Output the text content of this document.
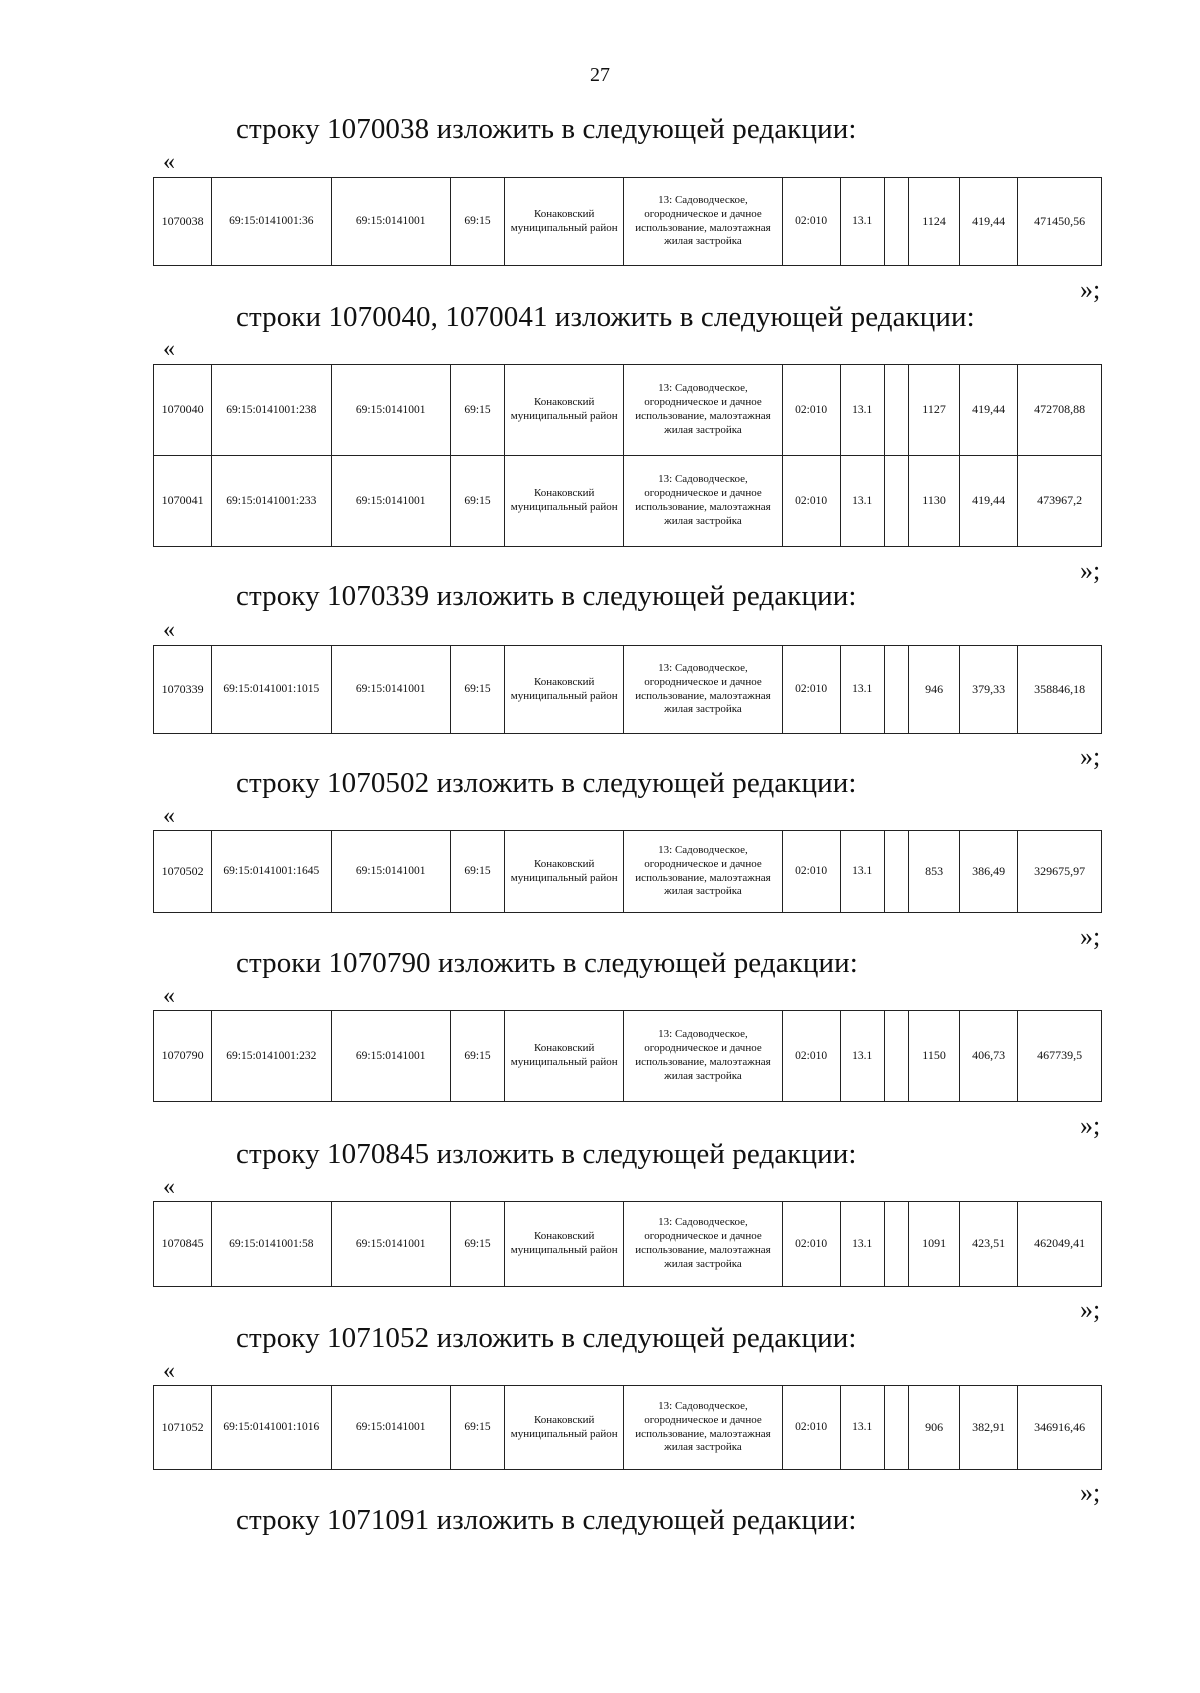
27
строку 1070038 изложить в следующей редакции:
«
1070038	69:15:0141001:36	69:15:0141001	69:15	Конаковский муниципальный район	13: Садоводческое, огородническое и дачное использование, малоэтажная жилая застройка	02:010	13.1		1124	419,44	471450,56
»;
строки 1070040, 1070041 изложить в следующей редакции:
«
1070040	69:15:0141001:238	69:15:0141001	69:15	Конаковский муниципальный район	13: Садоводческое, огородническое и дачное использование, малоэтажная жилая застройка	02:010	13.1		1127	419,44	472708,88
1070041	69:15:0141001:233	69:15:0141001	69:15	Конаковский муниципальный район	13: Садоводческое, огородническое и дачное использование, малоэтажная жилая застройка	02:010	13.1		1130	419,44	473967,2
»;
строку 1070339 изложить в следующей редакции:
«
1070339	69:15:0141001:1015	69:15:0141001	69:15	Конаковский муниципальный район	13: Садоводческое, огородническое и дачное использование, малоэтажная жилая застройка	02:010	13.1		946	379,33	358846,18
»;
строку 1070502 изложить в следующей редакции:
«
1070502	69:15:0141001:1645	69:15:0141001	69:15	Конаковский муниципальный район	13: Садоводческое, огородническое и дачное использование, малоэтажная жилая застройка	02:010	13.1		853	386,49	329675,97
»;
строки 1070790 изложить в следующей редакции:
«
1070790	69:15:0141001:232	69:15:0141001	69:15	Конаковский муниципальный район	13: Садоводческое, огородническое и дачное использование, малоэтажная жилая застройка	02:010	13.1		1150	406,73	467739,5
»;
строку 1070845 изложить в следующей редакции:
«
1070845	69:15:0141001:58	69:15:0141001	69:15	Конаковский муниципальный район	13: Садоводческое, огородническое и дачное использование, малоэтажная жилая застройка	02:010	13.1		1091	423,51	462049,41
»;
строку 1071052 изложить в следующей редакции:
«
1071052	69:15:0141001:1016	69:15:0141001	69:15	Конаковский муниципальный район	13: Садоводческое, огородническое и дачное использование, малоэтажная жилая застройка	02:010	13.1		906	382,91	346916,46
»;
строку 1071091 изложить в следующей редакции:
